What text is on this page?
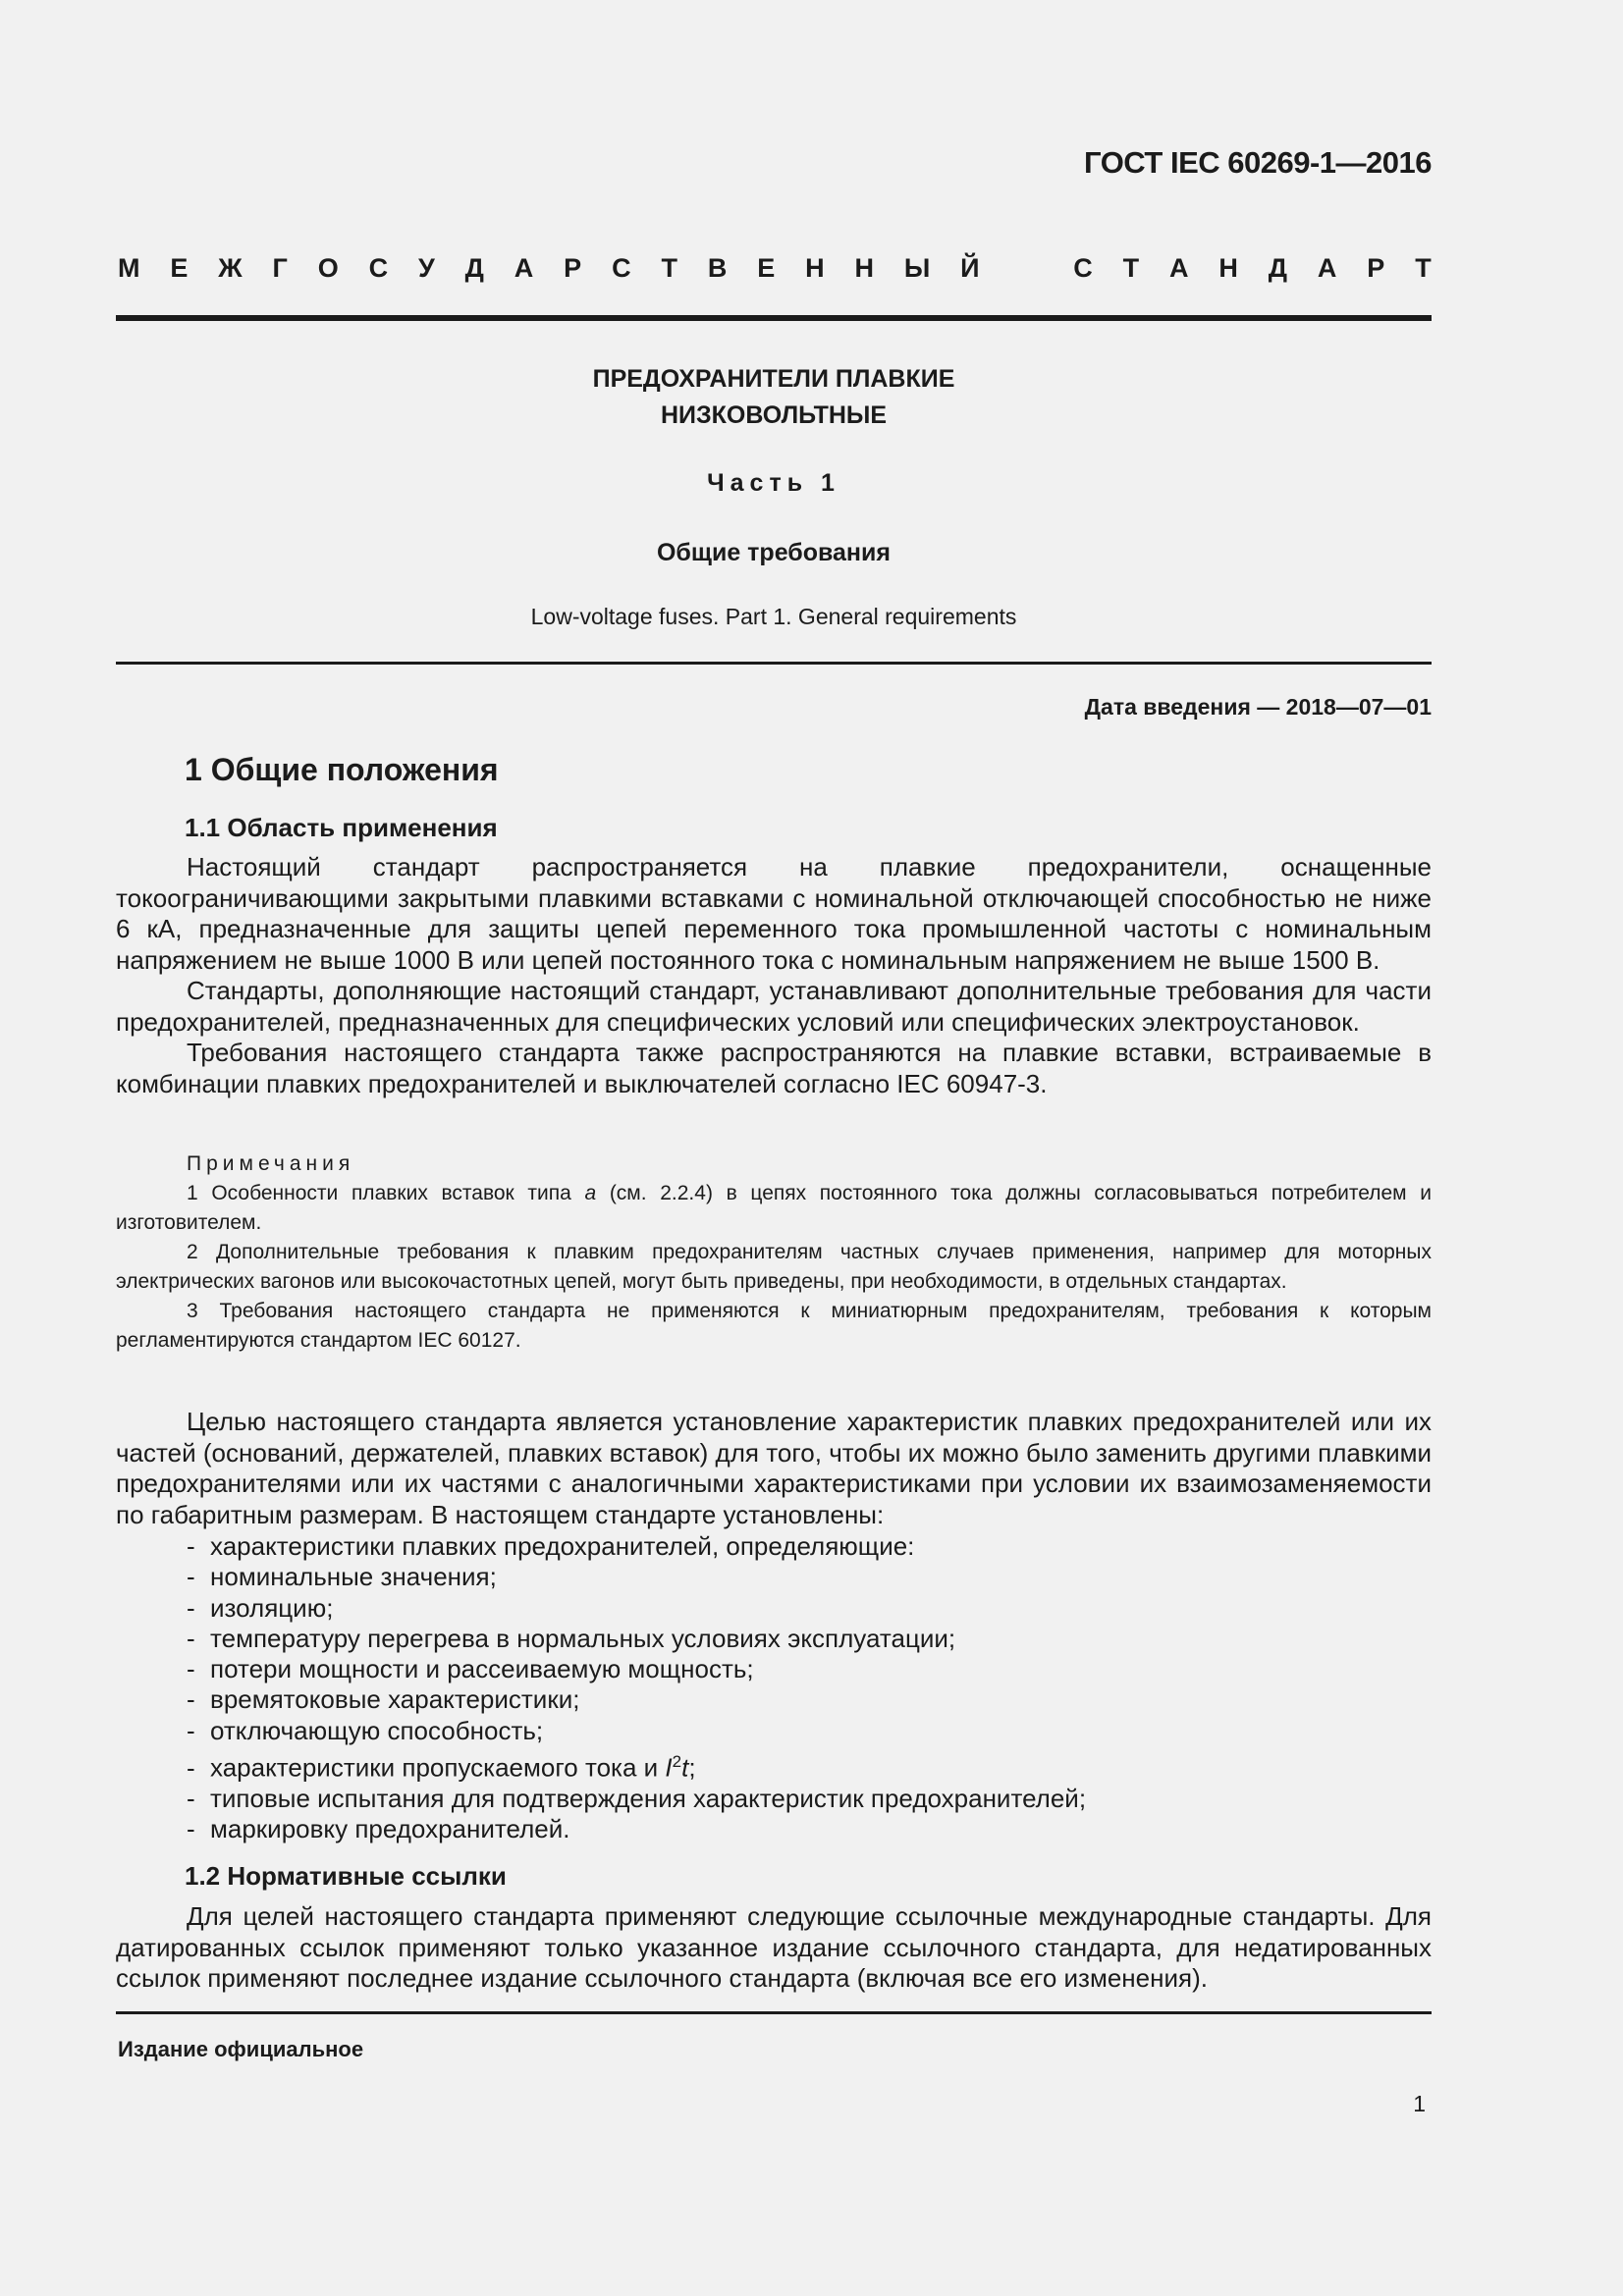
ГОСТ IEC 60269-1—2016
М Е Ж Г О С У Д А Р С Т В Е Н Н Ы Й	С Т А Н Д А Р Т
ПРЕДОХРАНИТЕЛИ ПЛАВКИЕ
НИЗКОВОЛЬТНЫЕ
Часть 1
Общие требования
Low-voltage fuses. Part 1. General requirements
Дата введения — 2018—07—01
1 Общие положения
1.1 Область применения

Настоящий стандарт распространяется на плавкие предохранители, оснащенные токоограничивающими закрытыми плавкими вставками с номинальной отключающей способностью не ниже 6 кА, предназначенные для защиты цепей переменного тока промышленной частоты с номинальным напряжением не выше 1000 В или цепей постоянного тока с номинальным напряжением не выше 1500 В.

Стандарты, дополняющие настоящий стандарт, устанавливают дополнительные требования для части предохранителей, предназначенных для специфических условий или специфических электроустановок.

Требования настоящего стандарта также распространяются на плавкие вставки, встраиваемые в комбинации плавких предохранителей и выключателей согласно IEC 60947-3.

Примечания

1 Особенности плавких вставок типа а (см. 2.2.4) в цепях постоянного тока должны согласовываться потребителем и изготовителем.

2 Дополнительные требования к плавким предохранителям частных случаев применения, например для моторных электрических вагонов или высокочастотных цепей, могут быть приведены, при необходимости, в отдельных стандартах.

3 Требования настоящего стандарта не применяются к миниатюрным предохранителям, требования к которым регламентируются стандартом IEC 60127.

Целью настоящего стандарта является установление характеристик плавких предохранителей или их частей (оснований, держателей, плавких вставок) для того, чтобы их можно было заменить другими плавкими предохранителями или их частями с аналогичными характеристиками при условии их взаимозаменяемости по габаритным размерам. В настоящем стандарте установлены:

- характеристики плавких предохранителей, определяющие:
- номинальные значения;
- изоляцию;
- температуру перегрева в нормальных условиях эксплуатации;
- потери мощности и рассеиваемую мощность;
- времятоковые характеристики;
- отключающую способность;
- характеристики пропускаемого тока и $I^2t$;
- типовые испытания для подтверждения характеристик предохранителей;
- маркировку предохранителей.
1.2 Нормативные ссылки

Для целей настоящего стандарта применяют следующие ссылочные международные стандарты. Для датированных ссылок применяют только указанное издание ссылочного стандарта, для недатированных ссылок применяют последнее издание ссылочного стандарта (включая все его изменения).

Издание официальное
1
